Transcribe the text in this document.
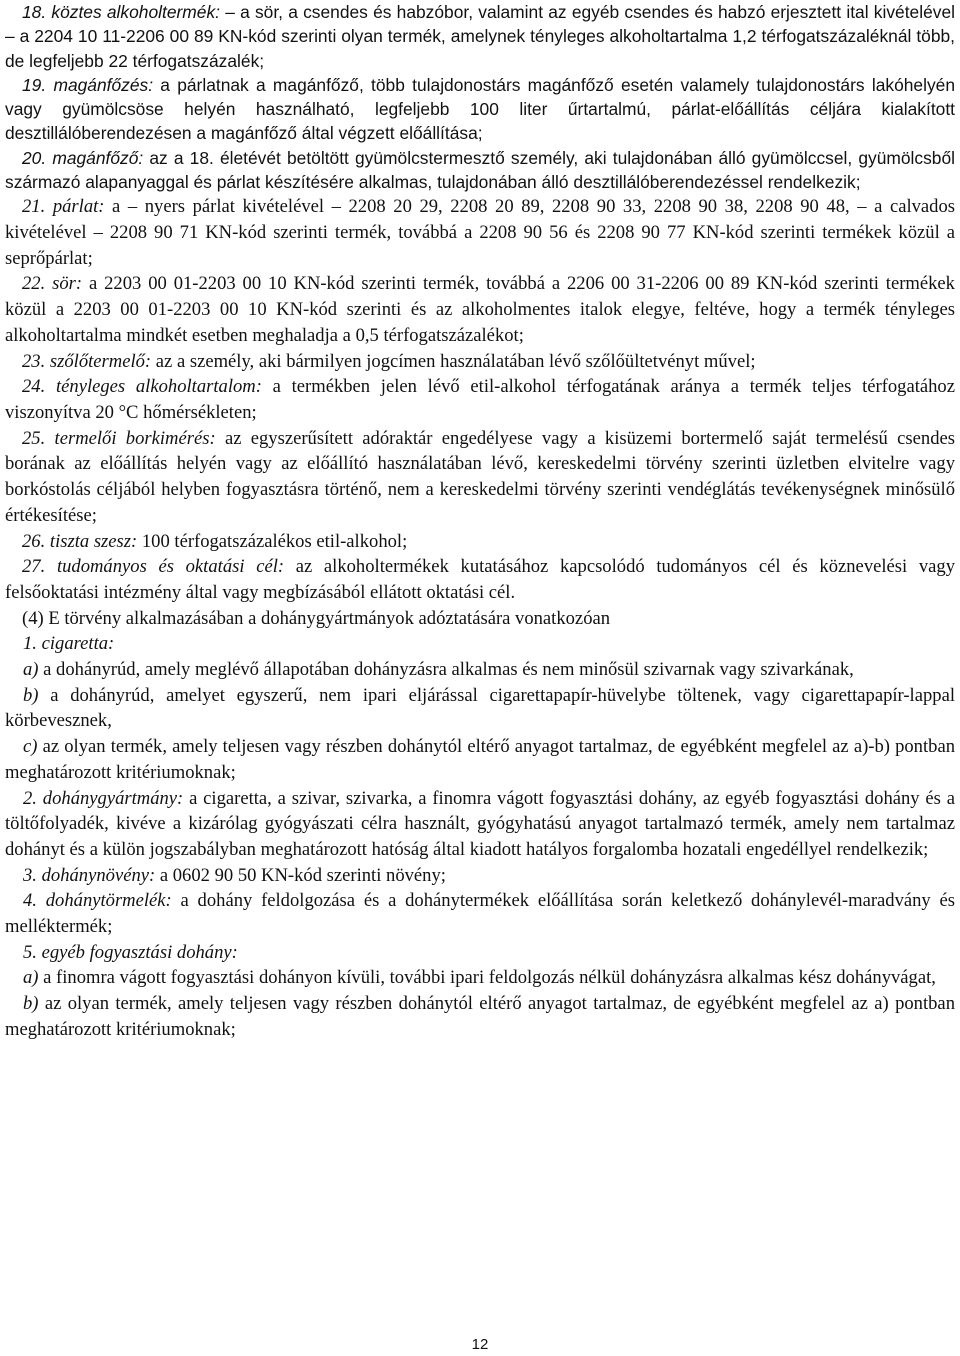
18. köztes alkoholtermék: – a sör, a csendes és habzóbor, valamint az egyéb csendes és habzó erjesztett ital kivételével – a 2204 10 11-2206 00 89 KN-kód szerinti olyan termék, amelynek tényleges alkoholtartalma 1,2 térfogatszázaléknál több, de legfeljebb 22 térfogatszázalék;

19. magánfőzés: a párlatnak a magánfőző, több tulajdonostárs magánfőző esetén valamely tulajdonostárs lakóhelyén vagy gyümölcsöse helyén használható, legfeljebb 100 liter űrtartalmú, párlat-előállítás céljára kialakított desztillálóberendezésen a magánfőző által végzett előállítása;

20. magánfőző: az a 18. életévét betöltött gyümölcstermesztő személy, aki tulajdonában álló gyümölccsel, gyümölcsből származó alapanyaggal és párlat készítésére alkalmas, tulajdonában álló desztillálóberendezéssel rendelkezik;

21. párlat: a – nyers párlat kivételével – 2208 20 29, 2208 20 89, 2208 90 33, 2208 90 38, 2208 90 48, – a calvados kivételével – 2208 90 71 KN-kód szerinti termék, továbbá a 2208 90 56 és 2208 90 77 KN-kód szerinti termékek közül a seprőpárlat;

22. sör: a 2203 00 01-2203 00 10 KN-kód szerinti termék, továbbá a 2206 00 31-2206 00 89 KN-kód szerinti termékek közül a 2203 00 01-2203 00 10 KN-kód szerinti és az alkoholmentes italok elegye, feltéve, hogy a termék tényleges alkoholtartalma mindkét esetben meghaladja a 0,5 térfogatszázalékot;

23. szőlőtermelő: az a személy, aki bármilyen jogcímen használatában lévő szőlőültetvényt művel;

24. tényleges alkoholtartalom: a termékben jelen lévő etil-alkohol térfogatának aránya a termék teljes térfogatához viszonyítva 20 °C hőmérsékleten;

25. termelői borkimérés: az egyszerűsített adóraktár engedélyese vagy a kisüzemi bortermelő saját termelésű csendes borának az előállítás helyén vagy az előállító használatában lévő, kereskedelmi törvény szerinti üzletben elvitelre vagy borkóstolás céljából helyben fogyasztásra történő, nem a kereskedelmi törvény szerinti vendéglátás tevékenységnek minősülő értékesítése;

26. tiszta szesz: 100 térfogatszázalékos etil-alkohol;

27. tudományos és oktatási cél: az alkoholtermékek kutatásához kapcsolódó tudományos cél és köznevelési vagy felsőoktatási intézmény által vagy megbízásából ellátott oktatási cél.

(4) E törvény alkalmazásában a dohánygyártmányok adóztatására vonatkozóan

1. cigaretta:

a) a dohányrúd, amely meglévő állapotában dohányzásra alkalmas és nem minősül szivarnak vagy szivarkának,

b) a dohányrúd, amelyet egyszerű, nem ipari eljárással cigarettapapír-hüvelybe töltenek, vagy cigarettapapír-lappal körbevesznek,

c) az olyan termék, amely teljesen vagy részben dohánytól eltérő anyagot tartalmaz, de egyébként megfelel az a)-b) pontban meghatározott kritériumoknak;

2. dohánygyártmány: a cigaretta, a szivar, szivarka, a finomra vágott fogyasztási dohány, az egyéb fogyasztási dohány és a töltőfolyadék, kivéve a kizárólag gyógyászati célra használt, gyógyhatású anyagot tartalmazó termék, amely nem tartalmaz dohányt és a külön jogszabályban meghatározott hatóság által kiadott hatályos forgalomba hozatali engedéllyel rendelkezik;

3. dohánynövény: a 0602 90 50 KN-kód szerinti növény;

4. dohánytörmelék: a dohány feldolgozása és a dohánytermékek előállítása során keletkező dohánylevél-maradvány és melléktermék;

5. egyéb fogyasztási dohány:

a) a finomra vágott fogyasztási dohányon kívüli, további ipari feldolgozás nélkül dohányzásra alkalmas kész dohányvágat,

b) az olyan termék, amely teljesen vagy részben dohánytól eltérő anyagot tartalmaz, de egyébként megfelel az a) pontban meghatározott kritériumoknak;

12
